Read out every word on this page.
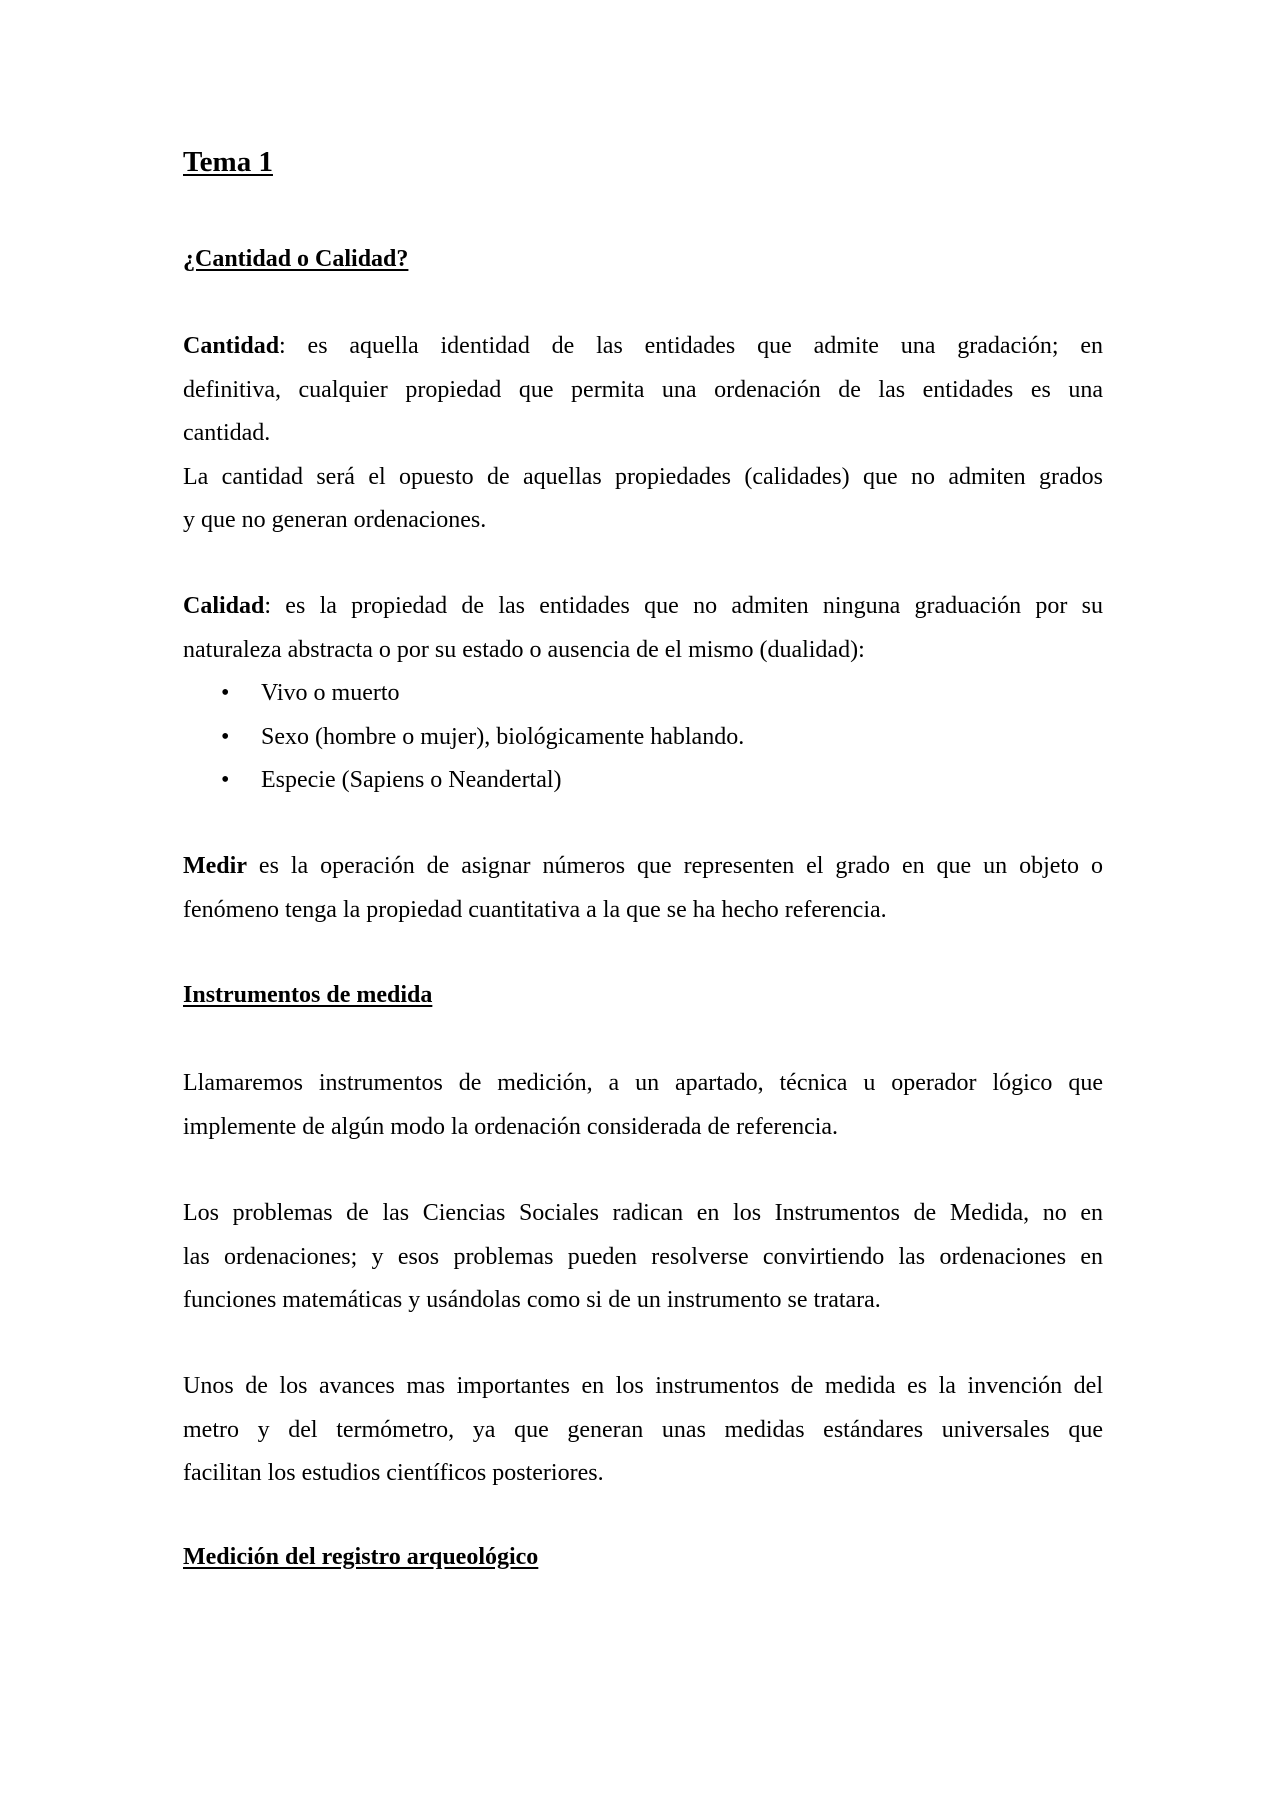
Tema 1
¿Cantidad o Calidad?

Cantidad: es aquella identidad de las entidades que admite una gradación; en
definitiva, cualquier propiedad que permita una ordenación de las entidades es una
cantidad.
La cantidad será el opuesto de aquellas propiedades (calidades) que no admiten grados
y que no generan ordenaciones.

Calidad: es la propiedad de las entidades que no admiten ninguna graduación por su
naturaleza abstracta o por su estado o ausencia de el mismo (dualidad):

• Vivo o muerto
• Sexo (hombre o mujer), biológicamente hablando.
• Especie (Sapiens o Neandertal)

Medir es la operación de asignar números que representen el grado en que un objeto o
fenómeno tenga la propiedad cuantitativa a la que se ha hecho referencia.

Instrumentos de medida

Llamaremos instrumentos de medición, a un apartado, técnica u operador lógico que
implemente de algún modo la ordenación considerada de referencia.

Los problemas de las Ciencias Sociales radican en los Instrumentos de Medida, no en
las ordenaciones; y esos problemas pueden resolverse convirtiendo las ordenaciones en
funciones matemáticas y usándolas como si de un instrumento se tratara.

Unos de los avances mas importantes en los instrumentos de medida es la invención del
metro y del termómetro, ya que generan unas medidas estándares universales que
facilitan los estudios científicos posteriores.

Medición del registro arqueológico
